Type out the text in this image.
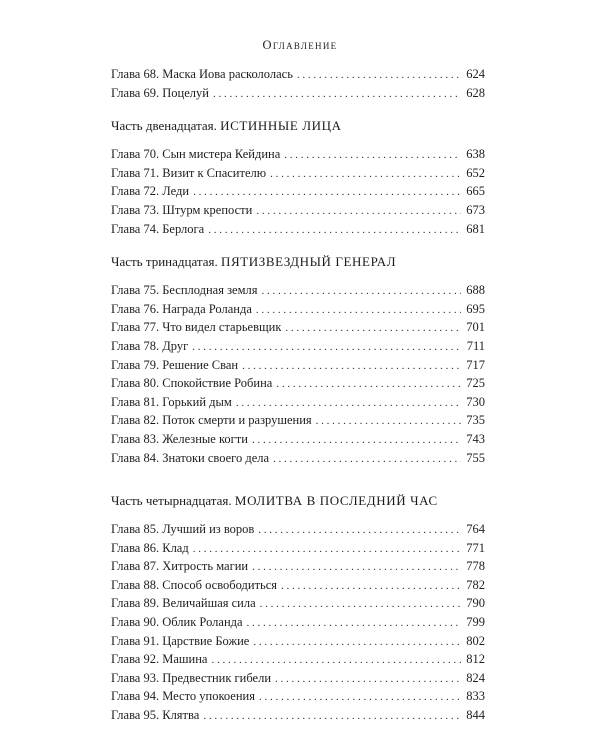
Оглавление
Глава 68. Маска Иова раскололась . . .	624
Глава 69. Поцелуй . . .	628
Часть двенадцатая. ИСТИННЫЕ ЛИЦА
Глава 70. Сын мистера Кейдина . . .	638
Глава 71. Визит к Спасителю . . .	652
Глава 72. Леди . . .	665
Глава 73. Штурм крепости . . .	673
Глава 74. Берлога . . .	681
Часть тринадцатая. ПЯТИЗВЕЗДНЫЙ ГЕНЕРАЛ
Глава 75. Бесплодная земля . . .	688
Глава 76. Награда Роланда . . .	695
Глава 77. Что видел старьевщик . . .	701
Глава 78. Друг . . .	711
Глава 79. Решение Сван . . .	717
Глава 80. Спокойствие Робина . . .	725
Глава 81. Горький дым . . .	730
Глава 82. Поток смерти и разрушения . . .	735
Глава 83. Железные когти . . .	743
Глава 84. Знатоки своего дела . . .	755
Часть четырнадцатая. МОЛИТВА В ПОСЛЕДНИЙ ЧАС
Глава 85. Лучший из воров . . .	764
Глава 86. Клад . . .	771
Глава 87. Хитрость магии . . .	778
Глава 88. Способ освободиться . . .	782
Глава 89. Величайшая сила . . .	790
Глава 90. Облик Роланда . . .	799
Глава 91. Царствие Божие . . .	802
Глава 92. Машина . . .	812
Глава 93. Предвестник гибели . . .	824
Глава 94. Место упокоения . . .	833
Глава 95. Клятва . . .	844
